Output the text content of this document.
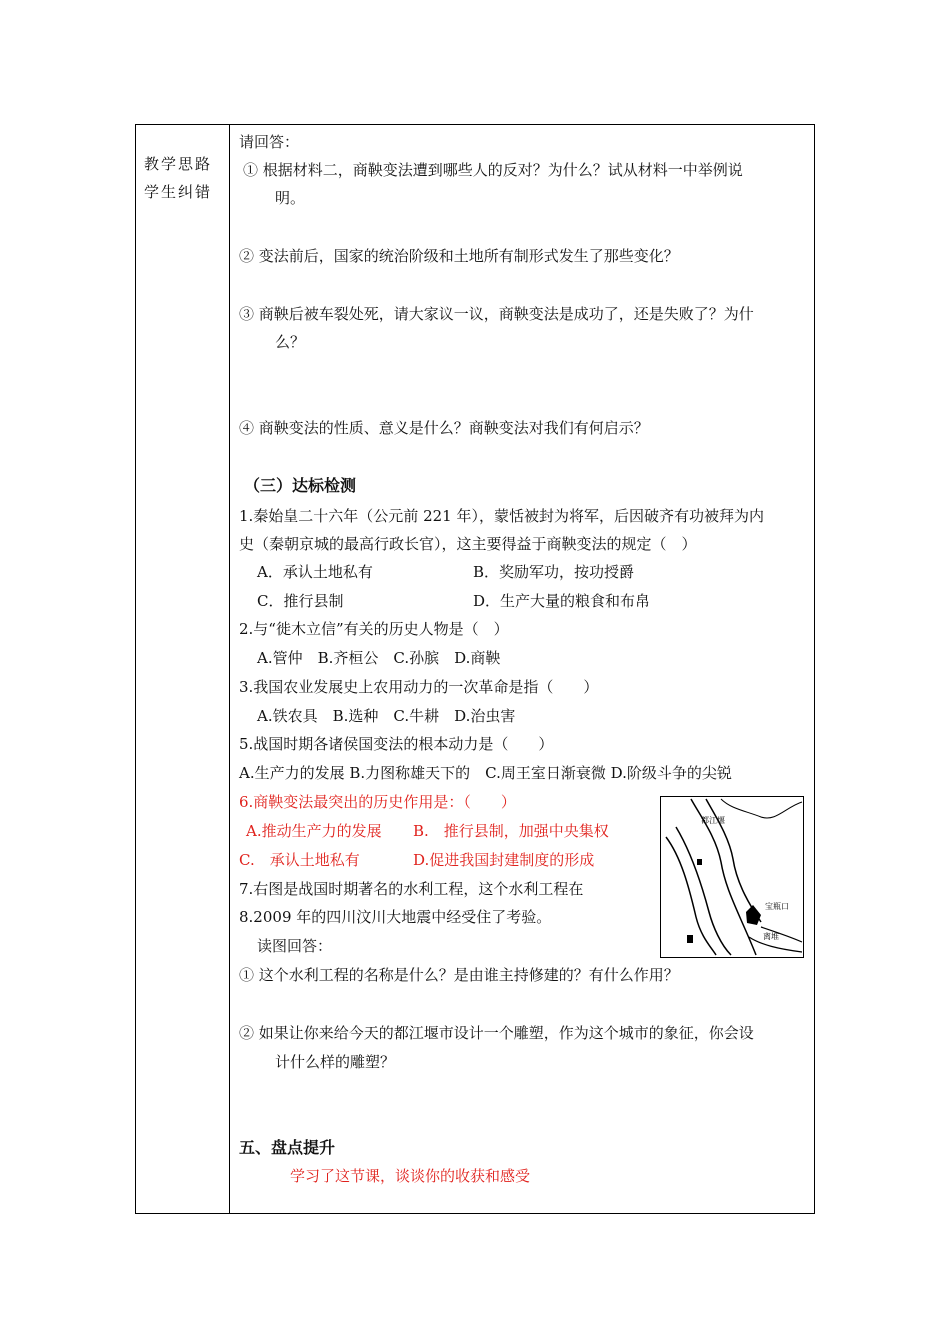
教学思路
学生纠错
请回答：
① 根据材料二，商鞅变法遭到哪些人的反对？为什么？试从材料一中举例说
明。
② 变法前后，国家的统治阶级和土地所有制形式发生了那些变化？
③ 商鞅后被车裂处死，请大家议一议，商鞅变法是成功了，还是失败了？为什
么？
④ 商鞅变法的性质、意义是什么？商鞅变法对我们有何启示？
（三）达标检测
1.秦始皇二十六年（公元前 221 年），蒙恬被封为将军，后因破齐有功被拜为内
史（秦朝京城的最高行政长官），这主要得益于商鞅变法的规定（　）
A．承认土地私有	B．奖励军功，按功授爵
C．推行县制	D．生产大量的粮食和布帛
2.与“徙木立信”有关的历史人物是（　）
A.管仲　B.齐桓公　C.孙膑　D.商鞅
3.我国农业发展史上农用动力的一次革命是指（　　）
A.铁农具　B.选种　C.牛耕　D.治虫害
5.战国时期各诸侯国变法的根本动力是（　　）
A.生产力的发展 B.力图称雄天下的　C.周王室日渐衰微 D.阶级斗争的尖锐
6.商鞅变法最突出的历史作用是：（　　）
A.推动生产力的发展 B.　推行县制，加强中央集权
C.　承认土地私有	D.促进我国封建制度的形成
7.右图是战国时期著名的水利工程，这个水利工程在
8.2009 年的四川汶川大地震中经受住了考验。
读图回答：
① 这个水利工程的名称是什么？是由谁主持修建的？有什么作用？
② 如果让你来给今天的都江堰市设计一个雕塑，作为这个城市的象征，你会设
计什么样的雕塑？
五、盘点提升
学习了这节课，谈谈你的收获和感受
都江堰
宝瓶口
离堆
